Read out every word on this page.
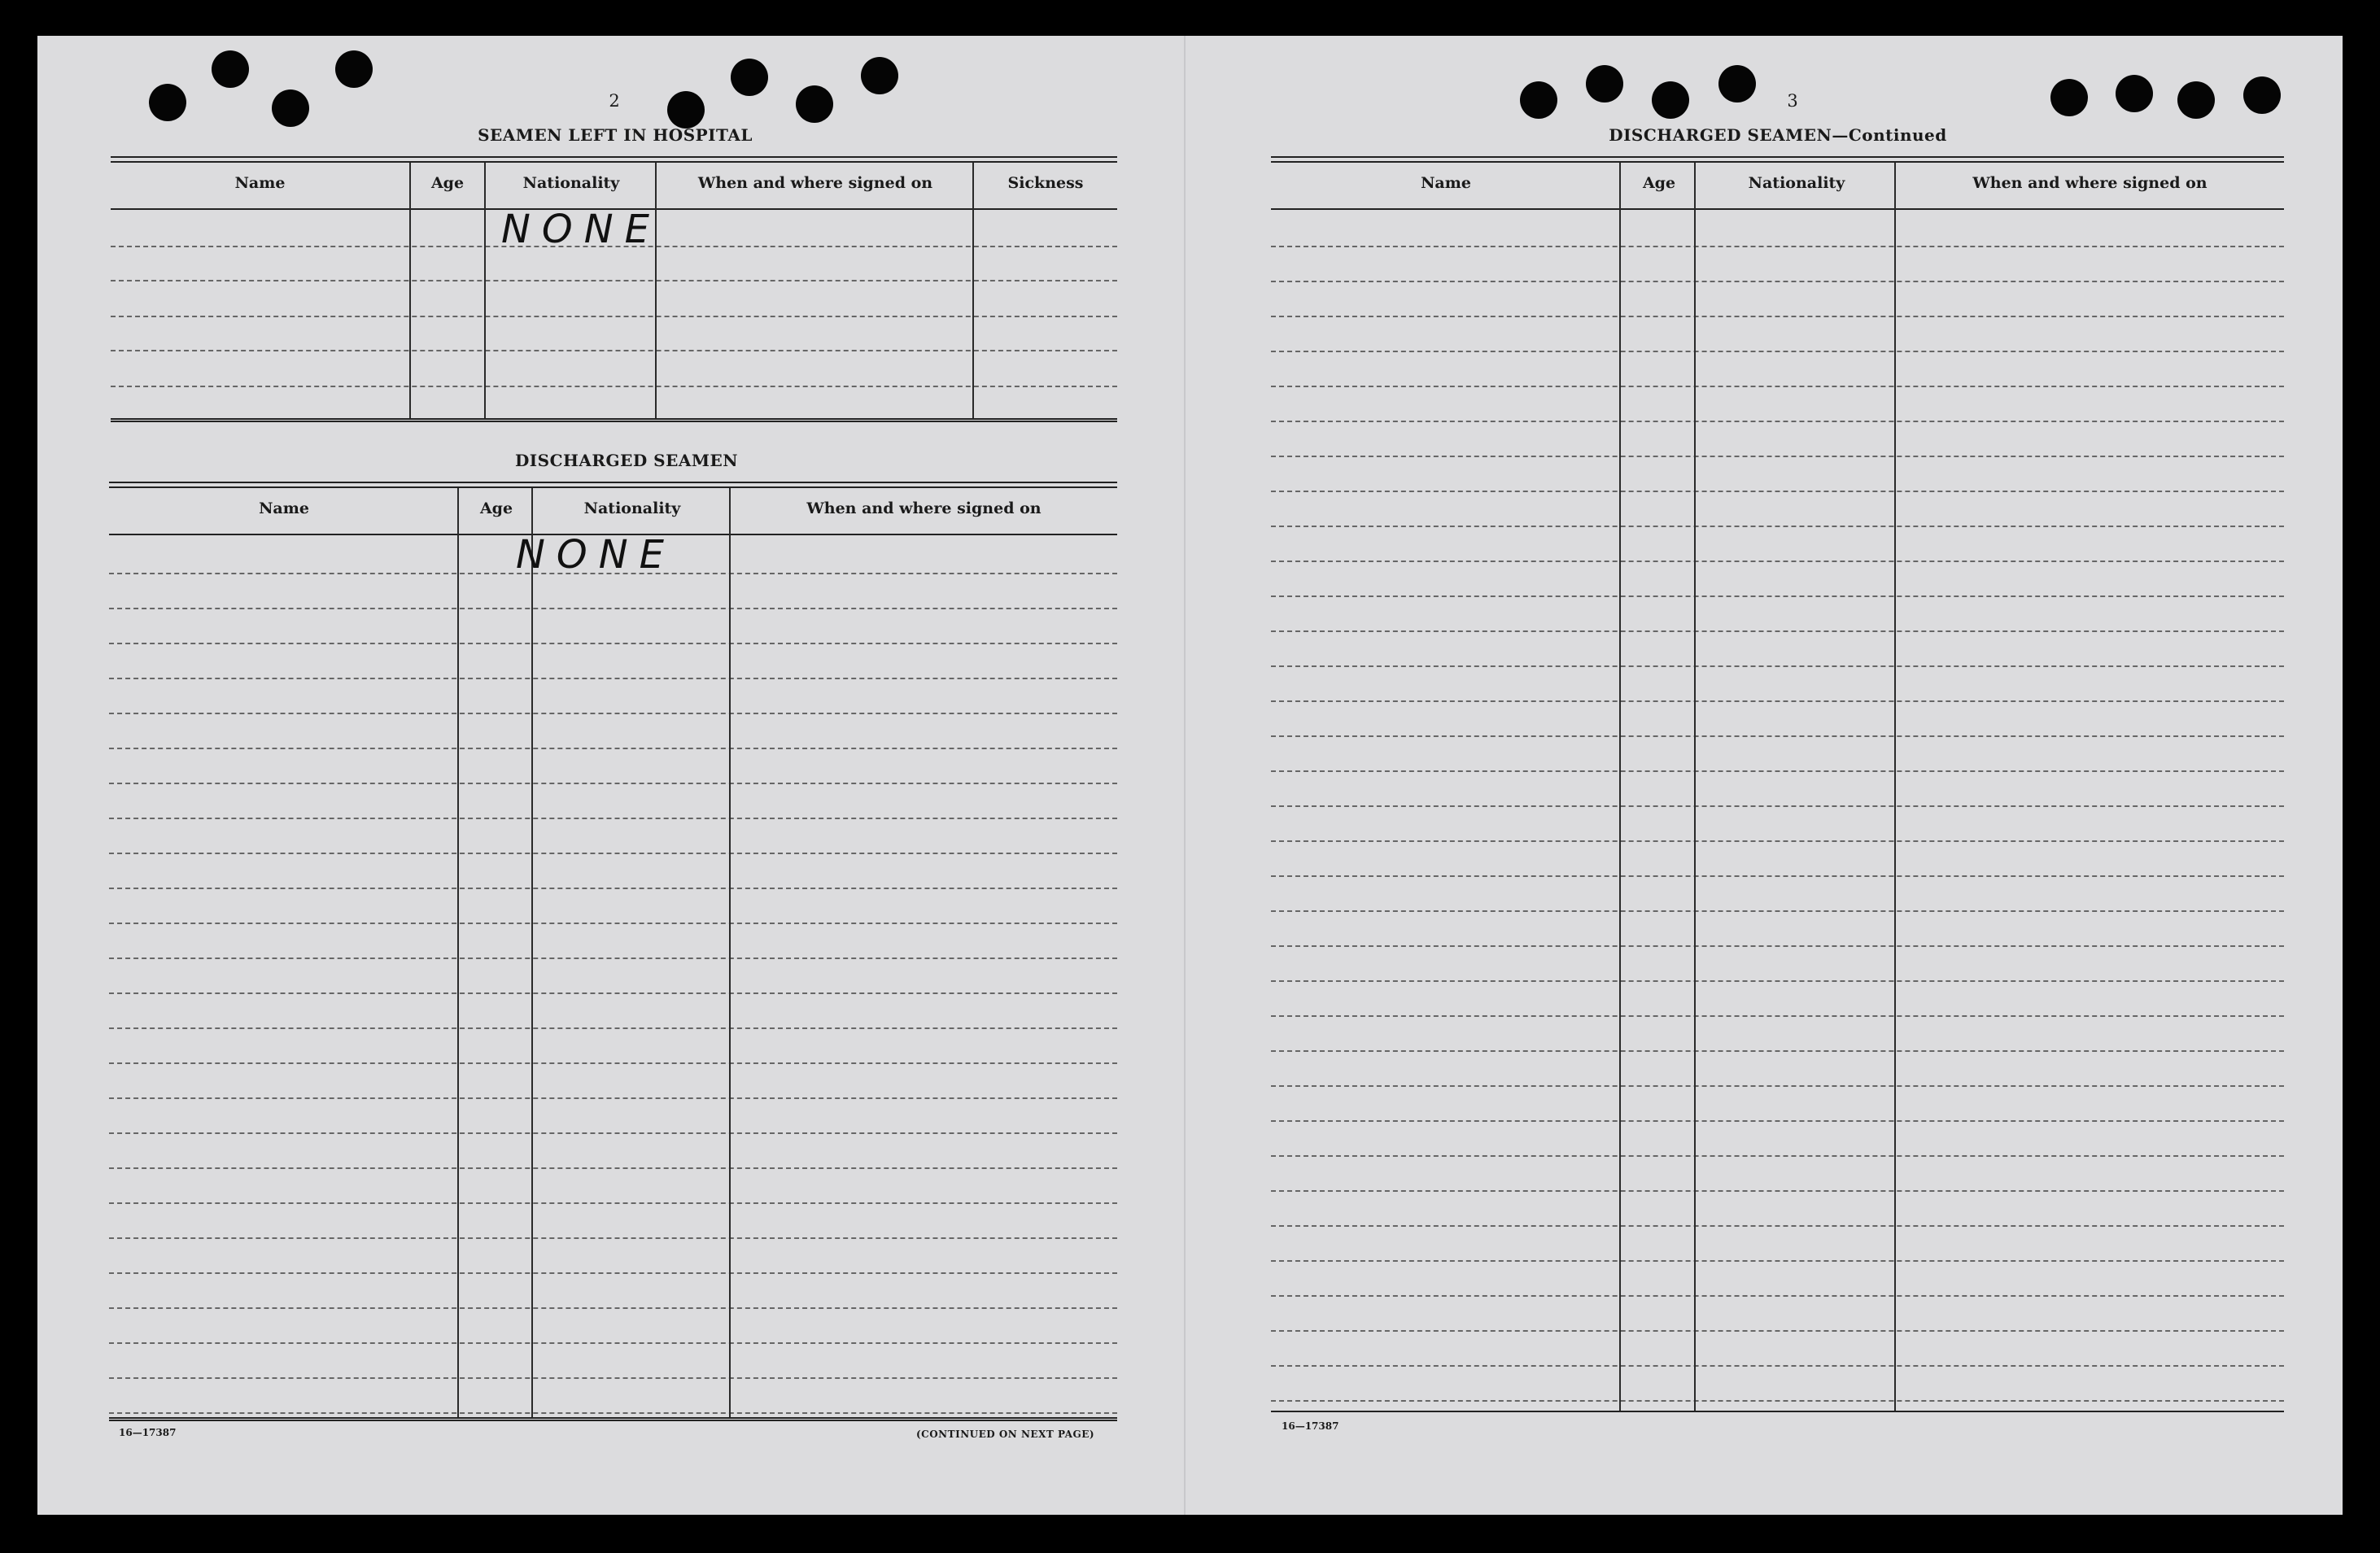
2
SEAMEN LEFT IN HOSPITAL
Name	Age	Nationality	When and where signed on	Sickness
NONE
DISCHARGED SEAMEN
Name	Age	Nationality	When and where signed on
NONE
16—17387	(CONTINUED ON NEXT PAGE)
3
DISCHARGED SEAMEN—Continued
Name	Age	Nationality	When and where signed on
16—17387
